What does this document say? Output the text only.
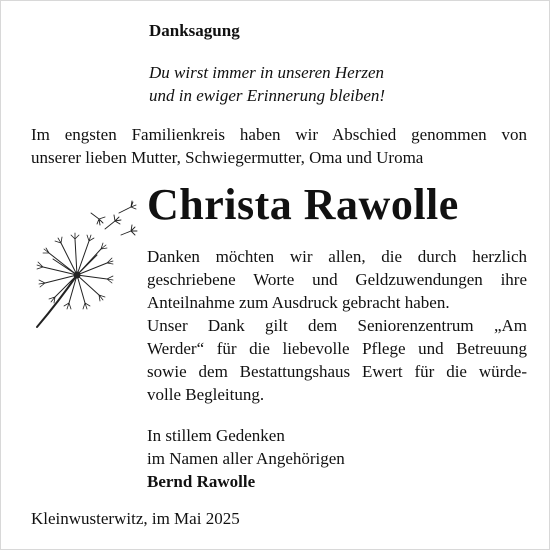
Danksagung
Du wirst immer in unseren Herzen
und in ewiger Erinnerung bleiben!
Im engsten Familienkreis haben wir Abschied genommen von
unserer lieben Mutter, Schwiegermutter, Oma und Uroma
Christa Rawolle
Danken möchten wir allen, die durch herzlich
geschriebene Worte und Geldzuwendungen ihre
Anteilnahme zum Ausdruck gebracht haben.
Unser Dank gilt dem Seniorenzentrum „Am
Werder“ für die liebevolle Pflege und Betreuung
sowie dem Bestattungshaus Ewert für die würde-
volle Begleitung.
In stillem Gedenken
im Namen aller Angehörigen
Bernd Rawolle
Kleinwusterwitz, im Mai 2025
